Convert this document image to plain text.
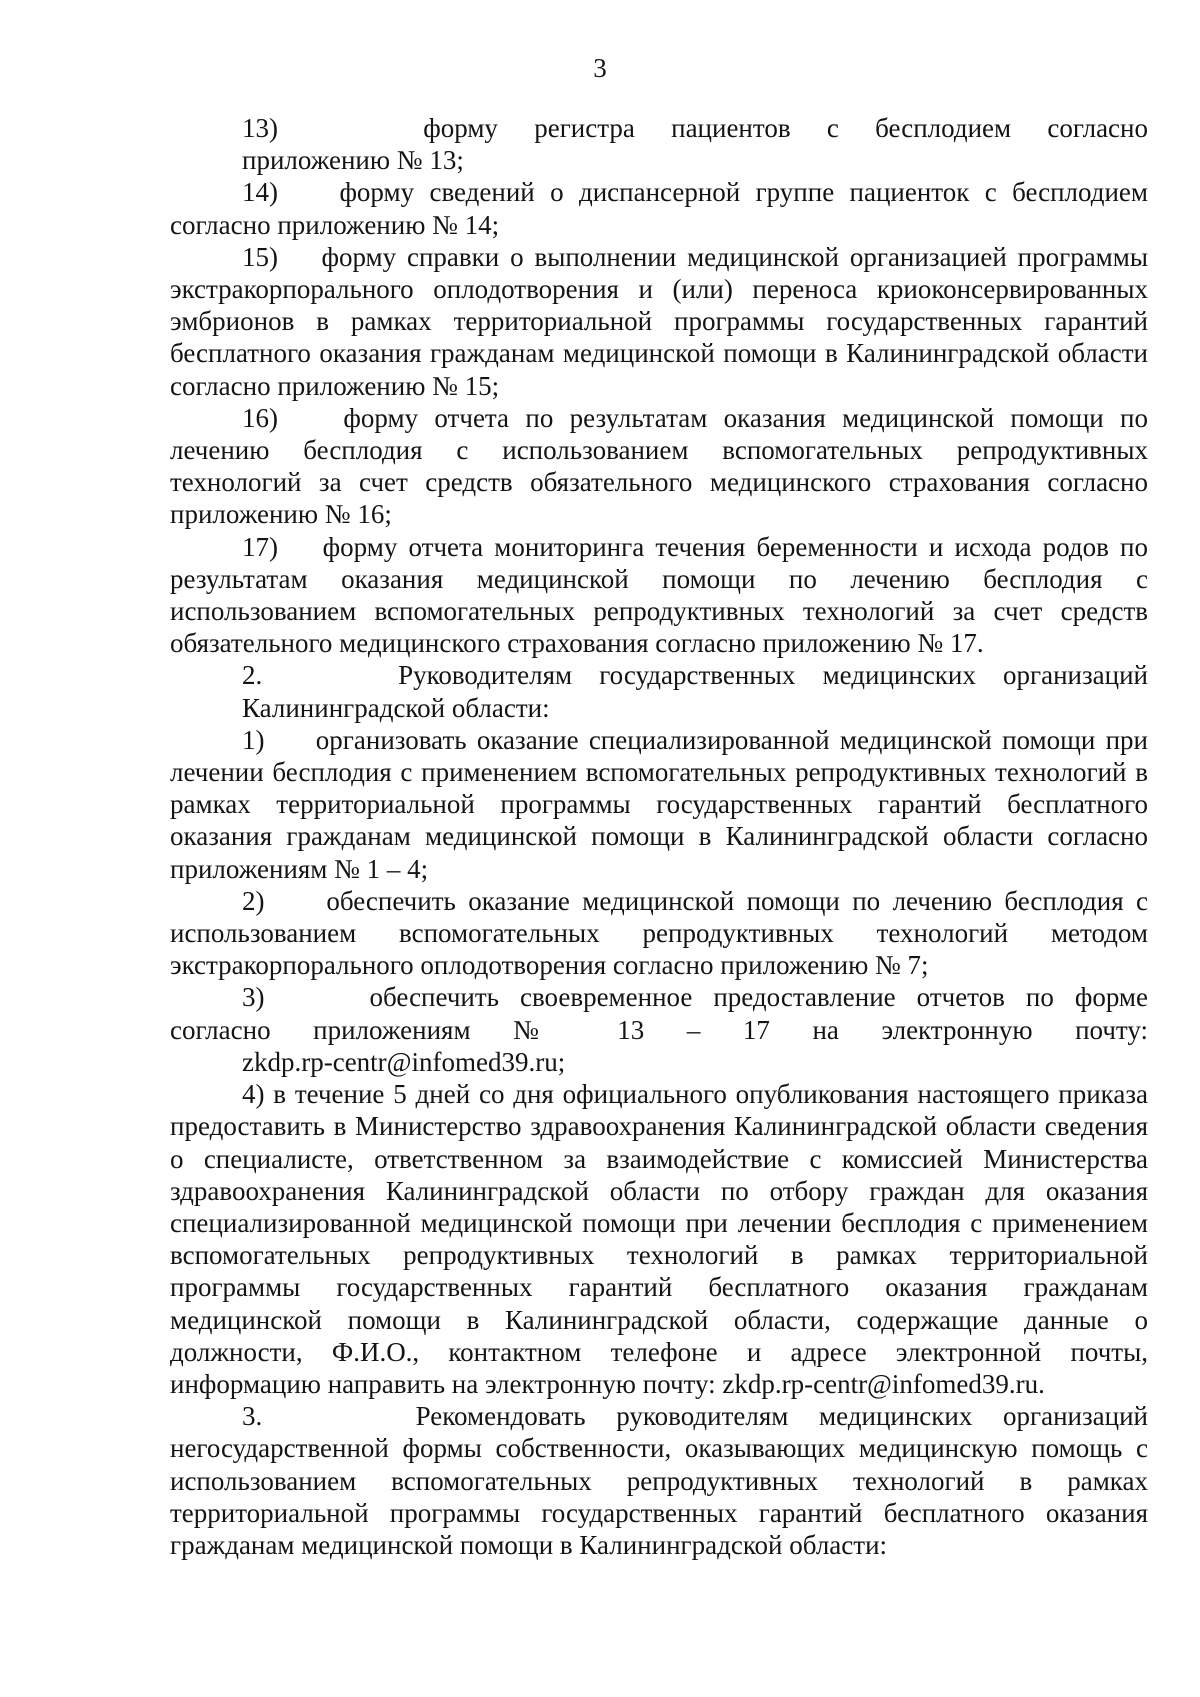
3

13)    форму регистра пациентов с бесплодием согласно
приложению № 13;

14)    форму сведений о диспансерной группе пациенток с бесплодием согласно приложению № 14;

15)    форму справки о выполнении медицинской организацией программы экстракорпорального оплодотворения и (или) переноса криоконсервированных эмбрионов в рамках территориальной программы государственных гарантий бесплатного оказания гражданам медицинской помощи в Калининградской области согласно приложению № 15;

16)    форму отчета по результатам оказания медицинской помощи по лечению бесплодия с использованием вспомогательных репродуктивных технологий за счет средств обязательного медицинского страхования согласно приложению № 16;

17)    форму отчета мониторинга течения беременности и исхода родов по результатам оказания медицинской помощи по лечению бесплодия с использованием вспомогательных репродуктивных технологий за счет средств обязательного медицинского страхования согласно приложению № 17.

2.     Руководителям государственных медицинских организаций
Калининградской области:

1)     организовать оказание специализированной медицинской помощи при лечении бесплодия с применением вспомогательных репродуктивных технологий в рамках территориальной программы государственных гарантий бесплатного оказания гражданам медицинской помощи в Калининградской области согласно приложениям № 1 – 4;

2)     обеспечить оказание медицинской помощи по лечению бесплодия с использованием вспомогательных репродуктивных технологий методом экстракорпорального оплодотворения согласно приложению № 7;

3)     обеспечить своевременное предоставление отчетов по форме
согласно приложениям № 13 – 17 на электронную почту:
zkdp.rp-centr@infomed39.ru;

4) в течение 5 дней со дня официального опубликования настоящего приказа предоставить в Министерство здравоохранения Калининградской области сведения о специалисте, ответственном за взаимодействие с комиссией Министерства здравоохранения Калининградской области по отбору граждан для оказания специализированной медицинской помощи при лечении бесплодия с применением вспомогательных репродуктивных технологий в рамках территориальной программы государственных гарантий бесплатного оказания гражданам медицинской помощи в Калининградской области, содержащие данные о должности, Ф.И.О., контактном телефоне и адресе электронной почты, информацию направить на электронную почту: zkdp.rp-centr@infomed39.ru.

3.     Рекомендовать руководителям медицинских организаций негосударственной формы собственности, оказывающих медицинскую помощь с использованием вспомогательных репродуктивных технологий в рамках территориальной программы государственных гарантий бесплатного оказания гражданам медицинской помощи в Калининградской области:
